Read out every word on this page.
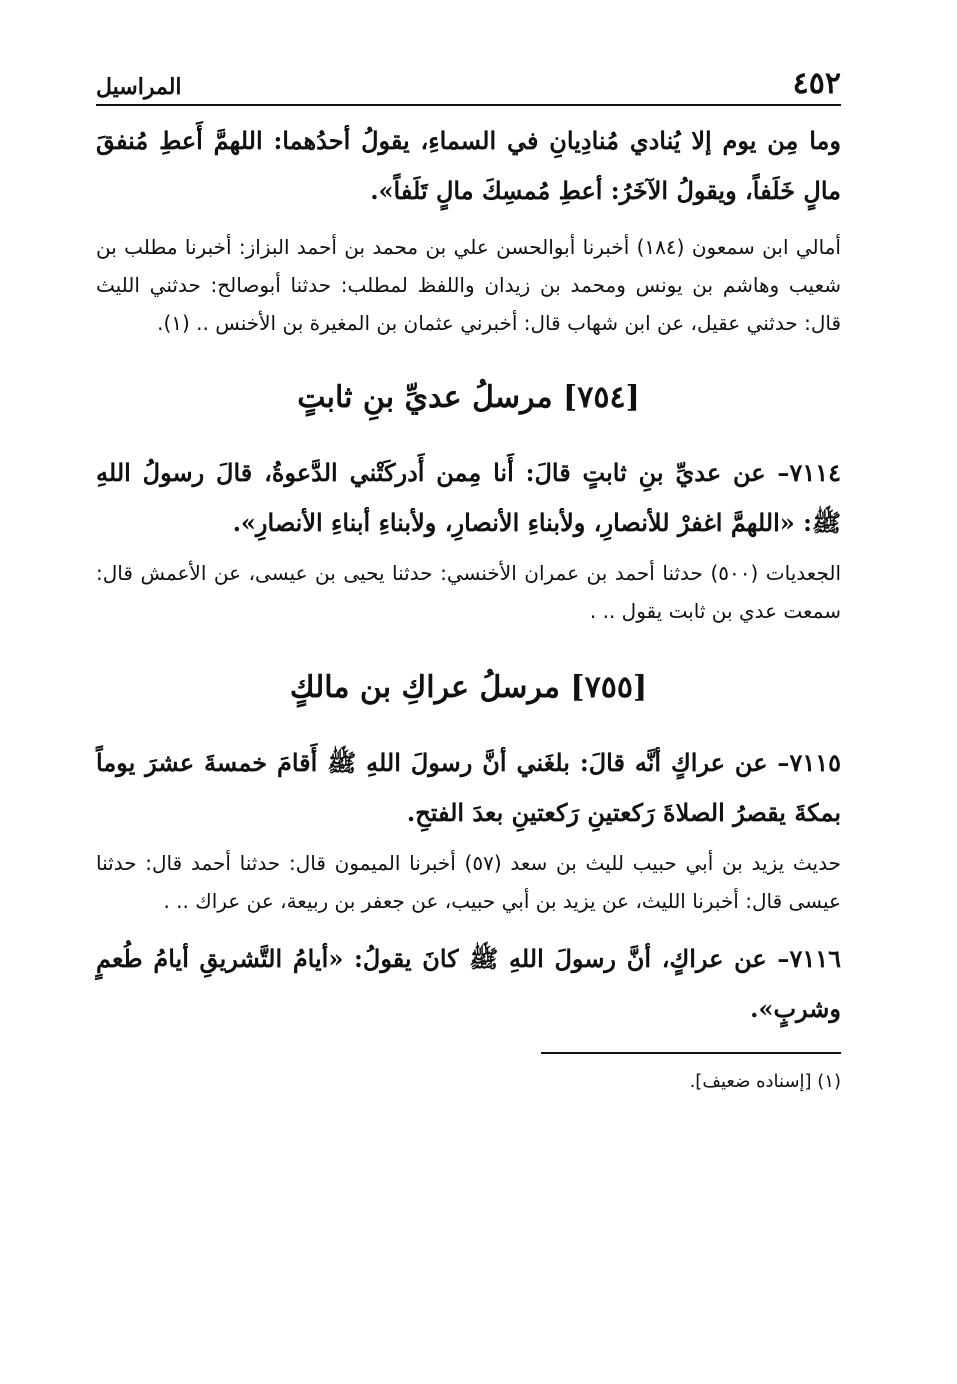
٤٥٢
المراسيل

وما مِن يوم إلا يُنادي مُنادِيانِ في السماءِ، يقولُ أحدُهما: اللهمَّ أَعطِ مُنفقَ مالٍ خَلَفاً، ويقولُ الآخَرُ: أعطِ مُمسِكَ مالٍ تَلَفاً».

أمالي ابن سمعون (١٨٤) أخبرنا أبوالحسن علي بن محمد بن أحمد البزاز: أخبرنا مطلب بن شعيب وهاشم بن يونس ومحمد بن زيدان واللفظ لمطلب: حدثنا أبوصالح: حدثني الليث قال: حدثني عقيل، عن ابن شهاب قال: أخبرني عثمان بن المغيرة بن الأخنس .. (١).

[٧٥٤] مرسلُ عديِّ بنِ ثابتٍ

٧١١٤– عن عديِّ بنِ ثابتٍ قالَ: أَنا مِمن أَدركَتْني الدَّعوةُ، قالَ رسولُ اللهِ ﷺ: «اللهمَّ اغفرْ للأنصارِ، ولأبناءِ الأنصارِ، ولأبناءِ أبناءِ الأنصارِ».

الجعديات (٥٠٠) حدثنا أحمد بن عمران الأخنسي: حدثنا يحيى بن عيسى، عن الأعمش قال: سمعت عدي بن ثابت يقول .. .

[٧٥٥] مرسلُ عراكِ بن مالكٍ

٧١١٥– عن عراكٍ أنَّه قالَ: بلغَني أنَّ رسولَ اللهِ ﷺ أَقامَ خمسةَ عشرَ يوماً بمكةَ يقصرُ الصلاةَ رَكعتينِ رَكعتينِ بعدَ الفتحِ.

حديث يزيد بن أبي حبيب لليث بن سعد (٥٧) أخبرنا الميمون قال: حدثنا أحمد قال: حدثنا عيسى قال: أخبرنا الليث، عن يزيد بن أبي حبيب، عن جعفر بن ربيعة، عن عراك .. .

٧١١٦– عن عراكٍ، أنَّ رسولَ اللهِ ﷺ كانَ يقولُ: «أيامُ التَّشريقِ أيامُ طُعمٍ وشربٍ».

(١) [إسناده ضعيف].
